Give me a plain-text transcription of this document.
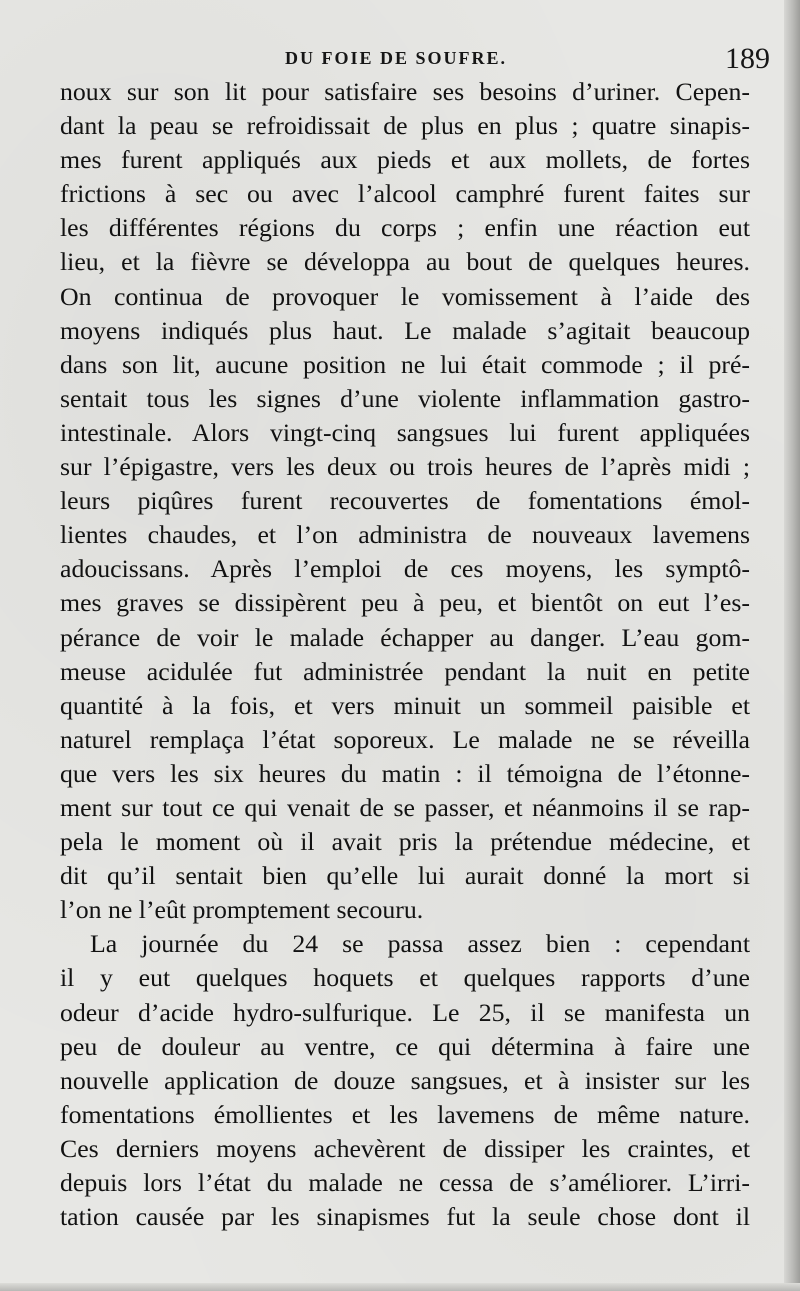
DU FOIE DE SOUFRE.	189
noux sur son lit pour satisfaire ses besoins d’uriner. Cepen-
dant la peau se refroidissait de plus en plus ; quatre sinapis-
mes furent appliqués aux pieds et aux mollets, de fortes
frictions à sec ou avec l’alcool camphré furent faites sur
les différentes régions du corps ; enfin une réaction eut
lieu, et la fièvre se développa au bout de quelques heures.
On continua de provoquer le vomissement à l’aide des
moyens indiqués plus haut. Le malade s’agitait beaucoup
dans son lit, aucune position ne lui était commode ; il pré-
sentait tous les signes d’une violente inflammation gastro-
intestinale. Alors vingt-cinq sangsues lui furent appliquées
sur l’épigastre, vers les deux ou trois heures de l’après midi ;
leurs piqûres furent recouvertes de fomentations émol-
lientes chaudes, et l’on administra de nouveaux lavemens
adoucissans. Après l’emploi de ces moyens, les symptô-
mes graves se dissipèrent peu à peu, et bientôt on eut l’es-
pérance de voir le malade échapper au danger. L’eau gom-
meuse acidulée fut administrée pendant la nuit en petite
quantité à la fois, et vers minuit un sommeil paisible et
naturel remplaça l’état soporeux. Le malade ne se réveilla
que vers les six heures du matin : il témoigna de l’étonne-
ment sur tout ce qui venait de se passer, et néanmoins il se rap-
pela le moment où il avait pris la prétendue médecine, et
dit qu’il sentait bien qu’elle lui aurait donné la mort si
l’on ne l’eût promptement secouru.
La journée du 24 se passa assez bien : cependant
il y eut quelques hoquets et quelques rapports d’une
odeur d’acide hydro-sulfurique. Le 25, il se manifesta un
peu de douleur au ventre, ce qui détermina à faire une
nouvelle application de douze sangsues, et à insister sur les
fomentations émollientes et les lavemens de même nature.
Ces derniers moyens achevèrent de dissiper les craintes, et
depuis lors l’état du malade ne cessa de s’améliorer. L’irri-
tation causée par les sinapismes fut la seule chose dont il
